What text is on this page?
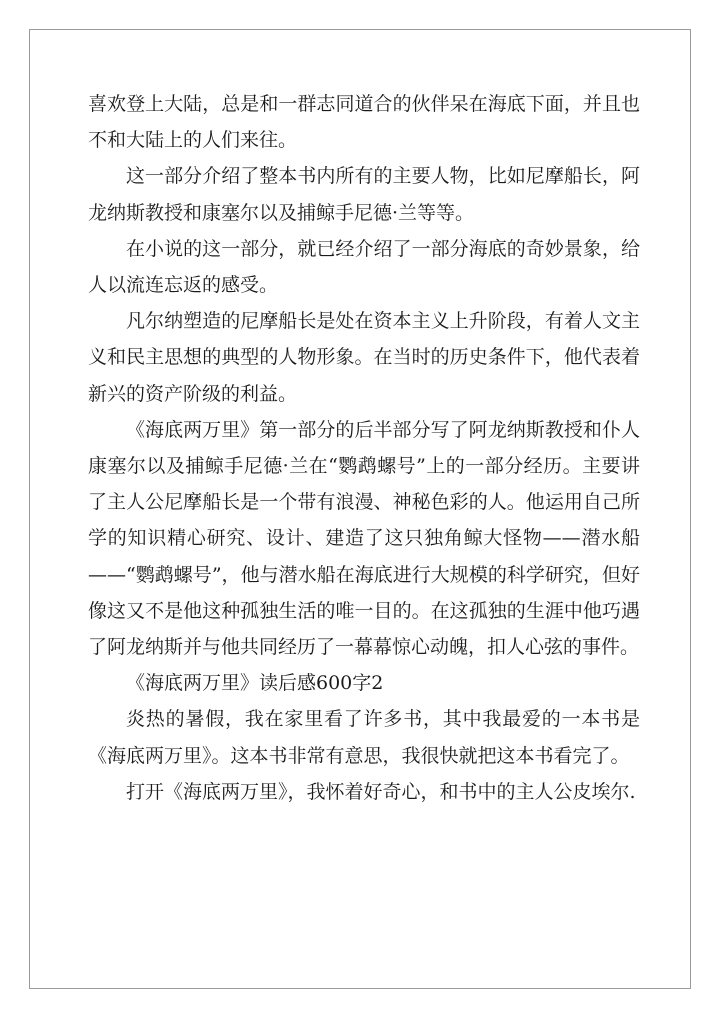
喜欢登上大陆，总是和一群志同道合的伙伴呆在海底下面，并且也不和大陆上的人们来往。

这一部分介绍了整本书内所有的主要人物，比如尼摩船长，阿龙纳斯教授和康塞尔以及捕鲸手尼德·兰等等。

在小说的这一部分，就已经介绍了一部分海底的奇妙景象，给人以流连忘返的感受。

凡尔纳塑造的尼摩船长是处在资本主义上升阶段，有着人文主义和民主思想的典型的人物形象。在当时的历史条件下，他代表着新兴的资产阶级的利益。

《海底两万里》第一部分的后半部分写了阿龙纳斯教授和仆人康塞尔以及捕鲸手尼德·兰在“鹦鹉螺号”上的一部分经历。主要讲了主人公尼摩船长是一个带有浪漫、神秘色彩的人。他运用自己所学的知识精心研究、设计、建造了这只独角鲸大怪物——潜水船——“鹦鹉螺号”，他与潜水船在海底进行大规模的科学研究，但好像这又不是他这种孤独生活的唯一目的。在这孤独的生涯中他巧遇了阿龙纳斯并与他共同经历了一幕幕惊心动魄，扣人心弦的事件。

《海底两万里》读后感600字2

炎热的暑假，我在家里看了许多书，其中我最爱的一本书是《海底两万里》。这本书非常有意思，我很快就把这本书看完了。

打开《海底两万里》，我怀着好奇心，和书中的主人公皮埃尔.
